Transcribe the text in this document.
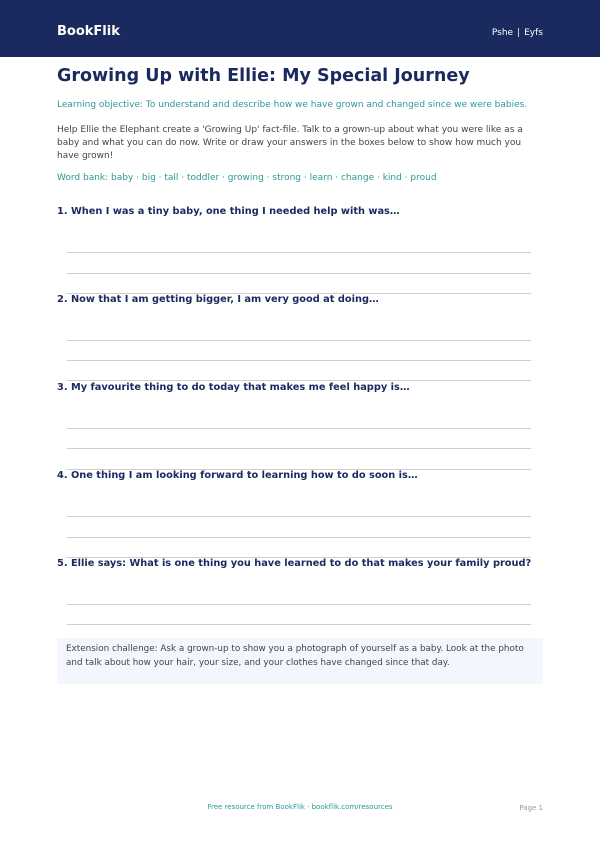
BookFlik	Pshe | Eyfs
Growing Up with Ellie: My Special Journey
Learning objective: To understand and describe how we have grown and changed since we were babies.
Help Ellie the Elephant create a 'Growing Up' fact-file. Talk to a grown-up about what you were like as a baby and what you can do now. Write or draw your answers in the boxes below to show how much you have grown!
Word bank: baby · big · tall · toddler · growing · strong · learn · change · kind · proud
1. When I was a tiny baby, one thing I needed help with was…
2. Now that I am getting bigger, I am very good at doing…
3. My favourite thing to do today that makes me feel happy is…
4. One thing I am looking forward to learning how to do soon is…
5. Ellie says: What is one thing you have learned to do that makes your family proud?
Extension challenge: Ask a grown-up to show you a photograph of yourself as a baby. Look at the photo and talk about how your hair, your size, and your clothes have changed since that day.
Free resource from BookFlik · bookflik.com/resources	Page 1
